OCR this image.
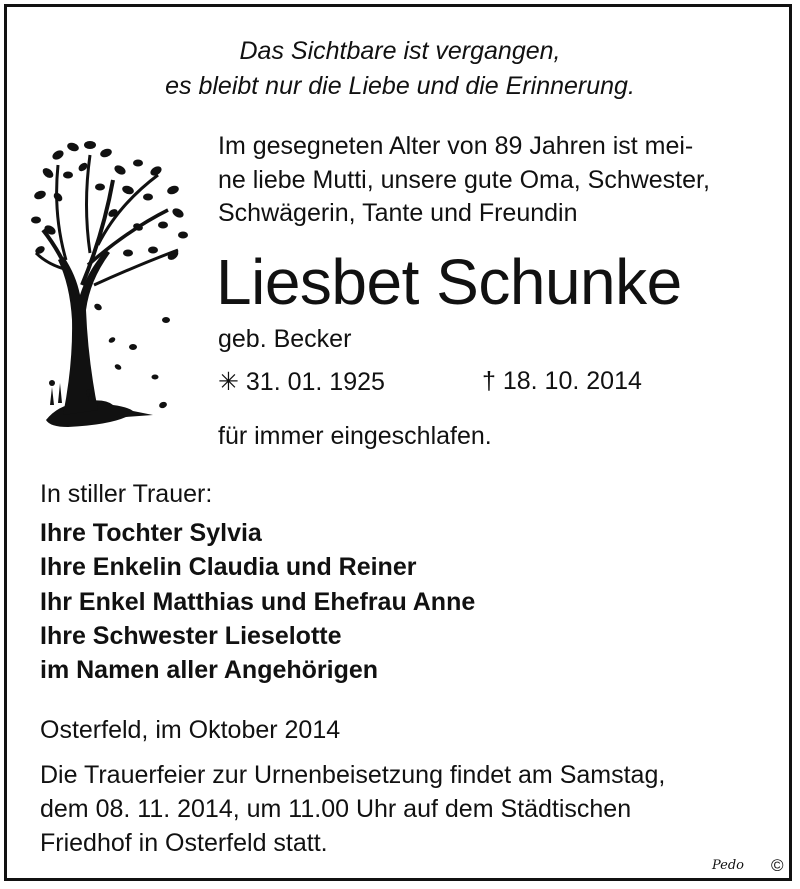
Das Sichtbare ist vergangen,
es bleibt nur die Liebe und die Erinnerung.
Im gesegneten Alter von 89 Jahren ist mei-
ne liebe Mutti, unsere gute Oma, Schwester,
Schwägerin, Tante und Freundin
Liesbet Schunke
geb. Becker
✳ 31. 01. 1925	† 18. 10. 2014
für immer eingeschlafen.
In stiller Trauer:
Ihre Tochter Sylvia
Ihre Enkelin Claudia und Reiner
Ihr Enkel Matthias und Ehefrau Anne
Ihre Schwester Lieselotte
im Namen aller Angehörigen
Osterfeld, im Oktober 2014
Die Trauerfeier zur Urnenbeisetzung findet am Samstag,
dem 08. 11. 2014, um 11.00 Uhr auf dem Städtischen
Friedhof in Osterfeld statt.
Pedo ©
